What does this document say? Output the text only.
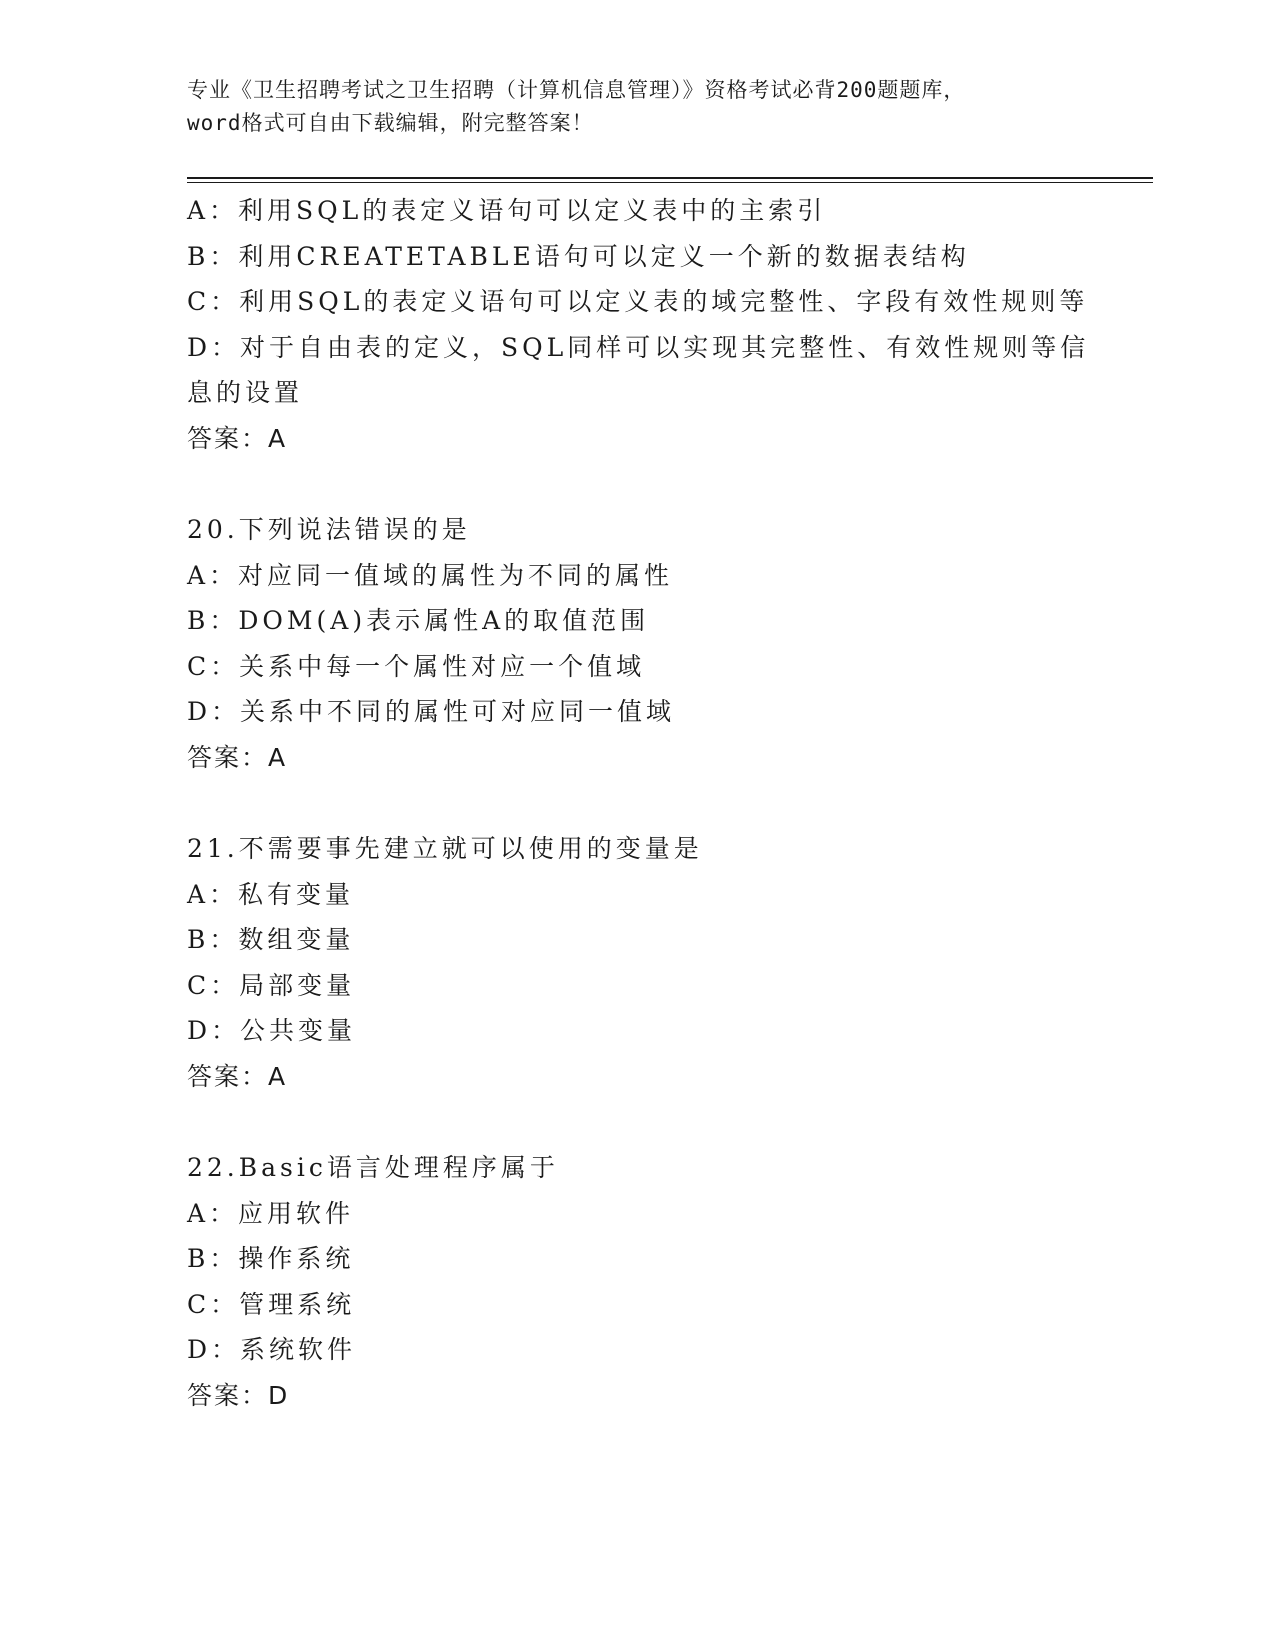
专业《卫生招聘考试之卫生招聘（计算机信息管理）》资格考试必背200题题库，
word格式可自由下载编辑，附完整答案！
A：利用SQL的表定义语句可以定义表中的主索引
B：利用CREATETABLE语句可以定义一个新的数据表结构
C：利用SQL的表定义语句可以定义表的域完整性、字段有效性规则等
D：对于自由表的定义，SQL同样可以实现其完整性、有效性规则等信
息的设置
答案：A
20.下列说法错误的是
A：对应同一值域的属性为不同的属性
B：DOM(A)表示属性A的取值范围
C：关系中每一个属性对应一个值域
D：关系中不同的属性可对应同一值域
答案：A
21.不需要事先建立就可以使用的变量是
A：私有变量
B：数组变量
C：局部变量
D：公共变量
答案：A
22.Basic语言处理程序属于
A：应用软件
B：操作系统
C：管理系统
D：系统软件
答案：D
